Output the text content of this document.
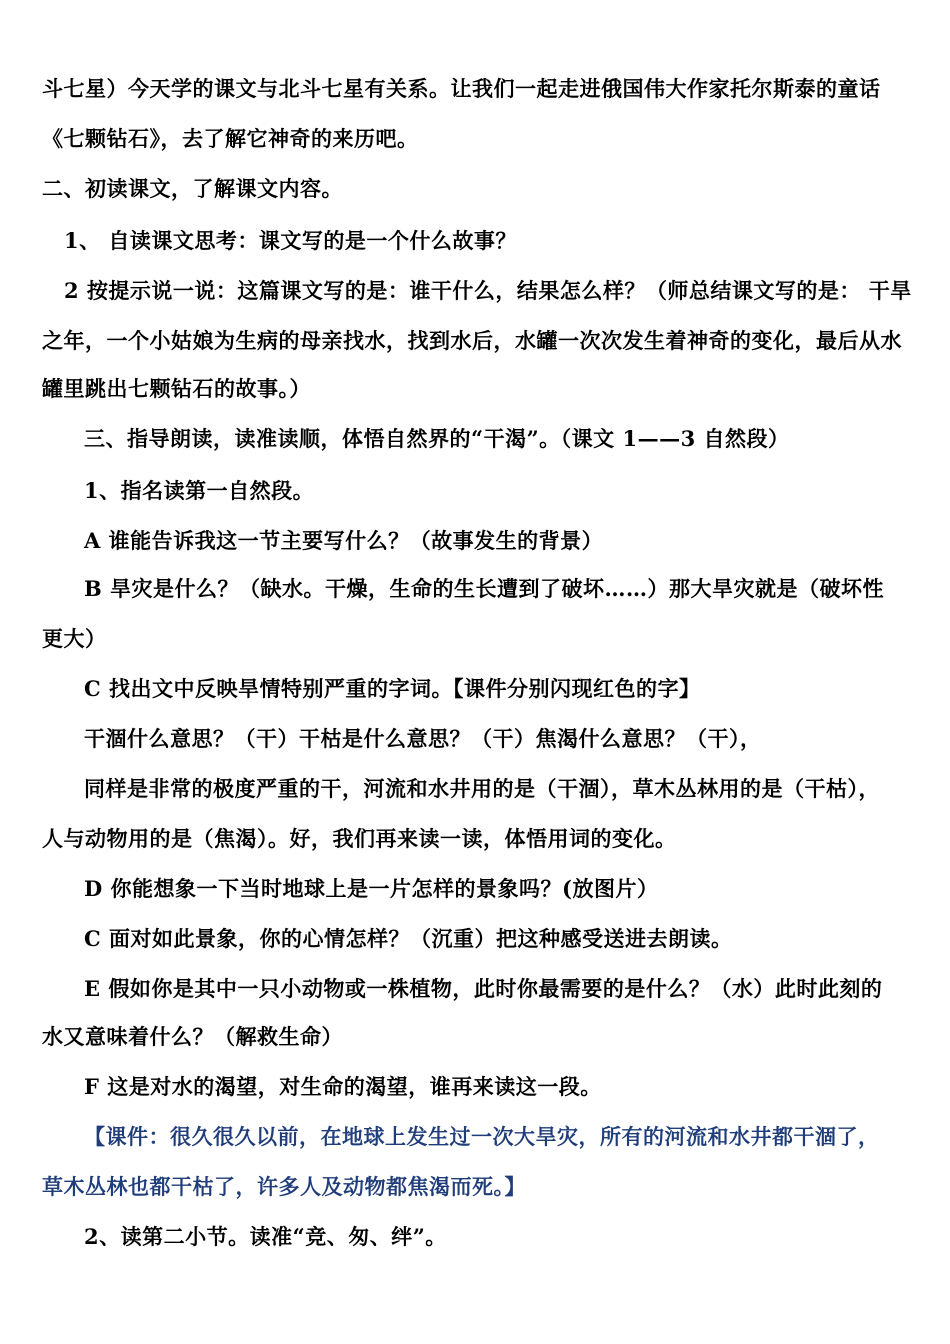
斗七星）今天学的课文与北斗七星有关系。让我们一起走进俄国伟大作家托尔斯泰的童话
《七颗钻石》，去了解它神奇的来历吧。
二、初读课文，了解课文内容。
1、 自读课文思考：课文写的是一个什么故事？
2 按提示说一说：这篇课文写的是：谁干什么，结果怎么样？（师总结课文写的是： 干旱
之年，一个小姑娘为生病的母亲找水，找到水后，水罐一次次发生着神奇的变化，最后从水
罐里跳出七颗钻石的故事。）
三、指导朗读，读准读顺，体悟自然界的“干渴”。（课文 1——3 自然段）
1、指名读第一自然段。
A 谁能告诉我这一节主要写什么？（故事发生的背景）
B 旱灾是什么？（缺水。干燥，生命的生长遭到了破坏……）那大旱灾就是（破坏性
更大）
C 找出文中反映旱情特别严重的字词。【课件分别闪现红色的字】
干涸什么意思？（干）干枯是什么意思？（干）焦渴什么意思？（干），
同样是非常的极度严重的干，河流和水井用的是（干涸），草木丛林用的是（干枯），
人与动物用的是（焦渴）。好，我们再来读一读，体悟用词的变化。
D 你能想象一下当时地球上是一片怎样的景象吗？(放图片）
C 面对如此景象，你的心情怎样？（沉重）把这种感受送进去朗读。
E 假如你是其中一只小动物或一株植物，此时你最需要的是什么？（水）此时此刻的
水又意味着什么？（解救生命）
F 这是对水的渴望，对生命的渴望，谁再来读这一段。
【课件：很久很久以前，在地球上发生过一次大旱灾，所有的河流和水井都干涸了，
草木丛林也都干枯了，许多人及动物都焦渴而死。】
2、读第二小节。读准“竞、匆、绊”。
